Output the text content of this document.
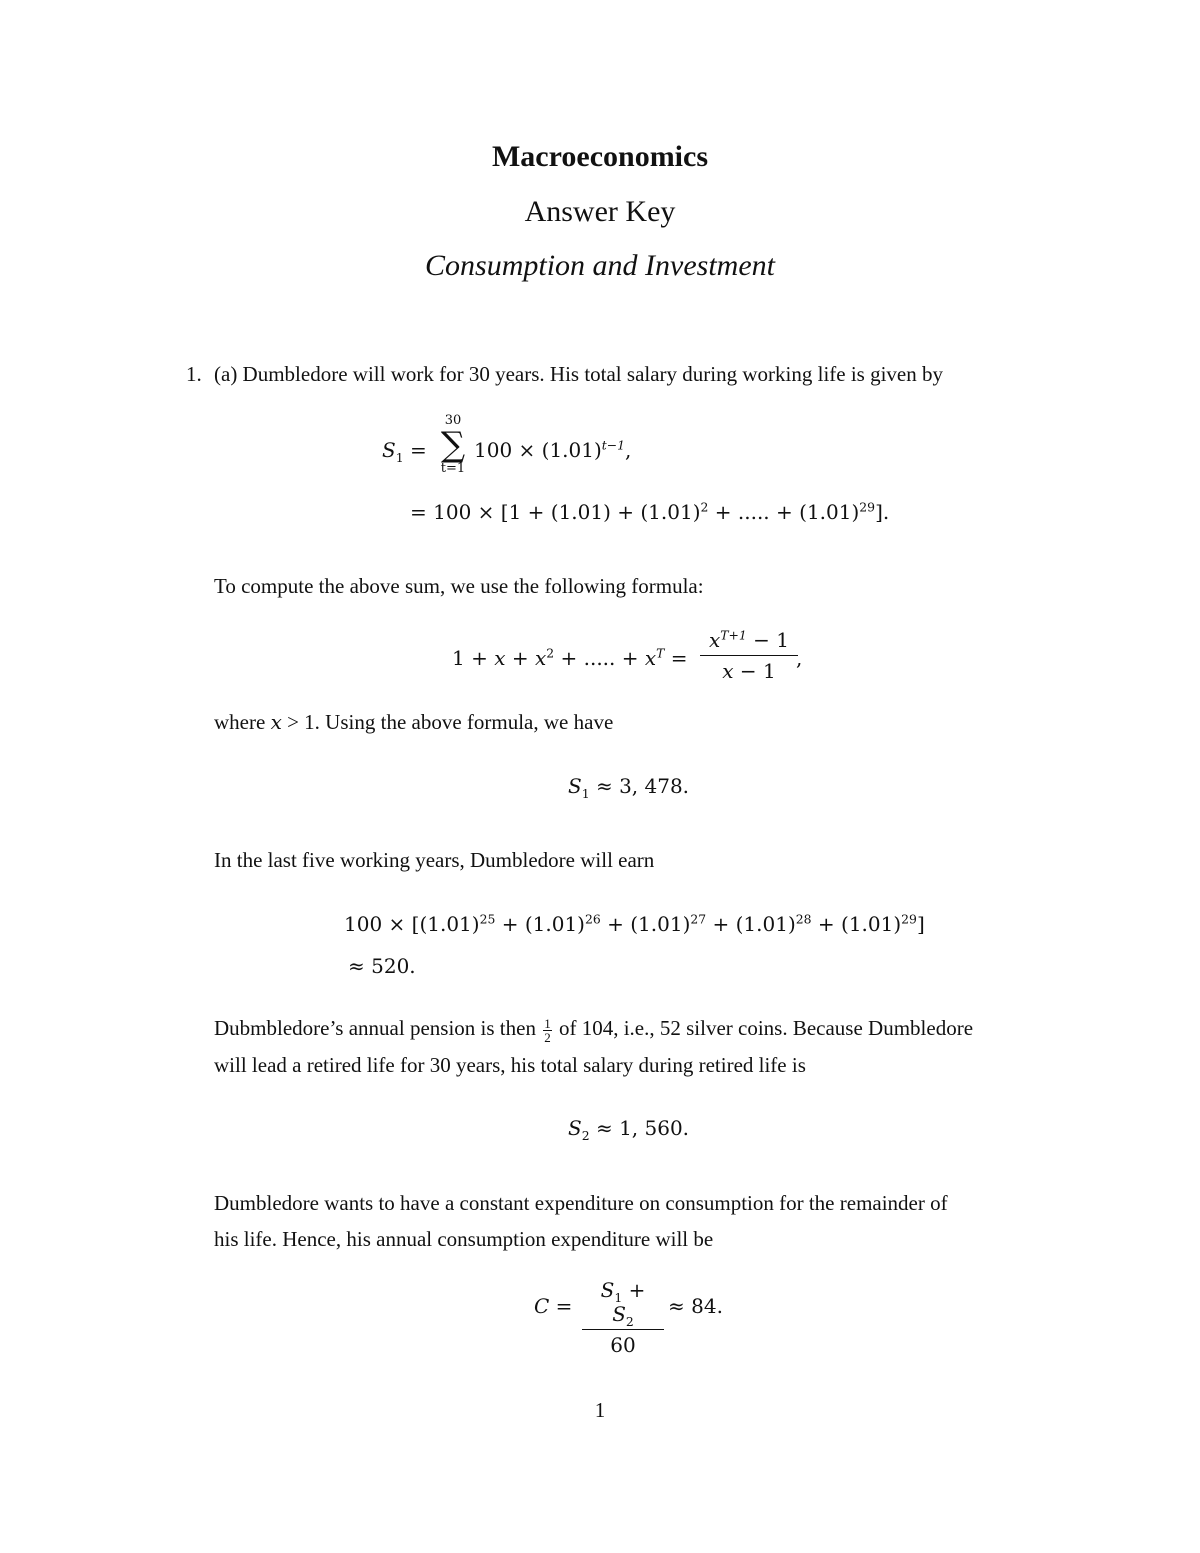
Macroeconomics
Answer Key
Consumption and Investment
1. (a) Dumbledore will work for 30 years. His total salary during working life is given by
$S_1$ =
30
∑
t=1
$100 \times (1.01)^{t-1}$,
= $100 \times [1 + (1.01) + (1.01)^2$ + ..... + $(1.01)^{29}$].
To compute the above sum, we use the following formula:
$1 + x + x^2$ + ..... + $x^T = \frac{x^{T+1} - 1}{x - 1}$
,
where x > 1. Using the above formula, we have
$S_1 \approx 3$, 478.
In the last five working years, Dumbledore will earn
$100 \times [(1.01)^{25} + (1.01)^{26} + (1.01)^{27} + (1.01)^{28} + (1.01)^{29}]$
≈ 520.
Dubmbledore’s annual pension is then $\frac{1}{2}$ of 104, i.e., 52 silver coins. Because Dumbledore
will lead a retired life for 30 years, his total salary during retired life is
$S_2 \approx 1$, 560.
Dumbledore wants to have a constant expenditure on consumption for the remainder of
his life. Hence, his annual consumption expenditure will be
$C = \frac{S_1 + S_2}{60} \approx 84$.
1
